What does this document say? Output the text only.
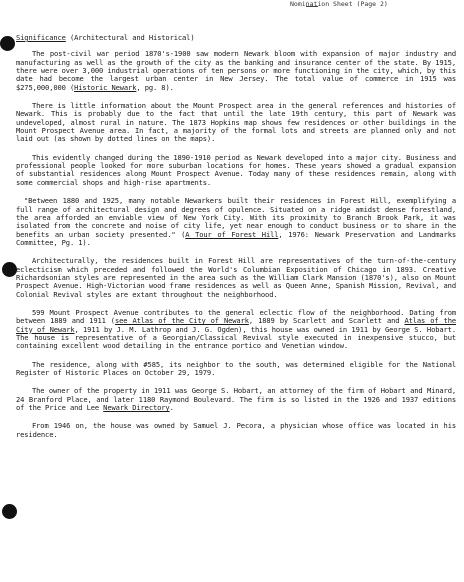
Nomination Sheet (Page 2)
Significance (Architectural and Historical)

The post-civil war period 1870's-1900 saw modern Newark bloom with expansion of major industry and manufacturing as well as the growth of the city as the banking and insurance center of the state. By 1915, there were over 3,000 industrial operations of ten persons or more functioning in the city, which, by this date had become the largest urban center in New Jersey. The total value of commerce in 1915 was $275,000,000 (Historic Newark, pg. 8).

There is little information about the Mount Prospect area in the general references and histories of Newark. This is probably due to the fact that until the late 19th century, this part of Newark was undeveloped, almost rural in nature. The 1873 Hopkins map shows few residences or other buildings in the Mount Prospect Avenue area. In fact, a majority of the formal lots and streets are planned only and not laid out (as shown by dotted lines on the maps).

This evidently changed during the 1890-1910 period as Newark developed into a major city. Business and professional people looked for more suburban locations for homes. These years showed a gradual expansion of substantial residences along Mount Prospect Avenue. Today many of these residences remain, along with some commercial shops and high-rise apartments.

"Between 1880 and 1925, many notable Newarkers built their residences in Forest Hill, exemplifying a full range of architectural design and degrees of opulence. Situated on a ridge amidst dense forestland, the area afforded an enviable view of New York City. With its proximity to Branch Brook Park, it was isolated from the concrete and noise of city life, yet near enough to conduct business or to share in the benefits an urban society presented." (A Tour of Forest Hill, 1976: Newark Preservation and Landmarks Committee, Pg. 1).

Architecturally, the residences built in Forest Hill are representatives of the turn-of-the-century eclecticism which preceded and followed the World's Columbian Exposition of Chicago in 1893. Creative Richardsonian styles are represented in the area such as the William Clark Mansion (1870's), also on Mount Prospect Avenue. High-Victorian wood frame residences as well as Queen Anne, Spanish Mission, Revival, and Colonial Revival styles are extant throughout the neighborhood.

599 Mount Prospect Avenue contributes to the general eclectic flow of the neighborhood. Dating from between 1889 and 1911 (see Atlas of the City of Newark, 1889 by Scarlett and Scarlett and Atlas of the City of Newark, 1911 by J. M. Lathrop and J. G. Ogden), this house was owned in 1911 by George S. Hobart. The house is representative of a Georgian/Classical Revival style executed in inexpensive stucco, but containing excellent wood detailing in the entrance portico and Venetian window.

The residence, along with #585, its neighbor to the south, was determined eligible for the National Register of Historic Places on October 29, 1979.

The owner of the property in 1911 was George S. Hobart, an attorney of the firm of Hobart and Minard, 24 Branford Place, and later 1180 Raymond Boulevard. The firm is so listed in the 1926 and 1937 editions of the Price and Lee Newark Directory.

From 1946 on, the house was owned by Samuel J. Pecora, a physician whose office was located in his residence.
